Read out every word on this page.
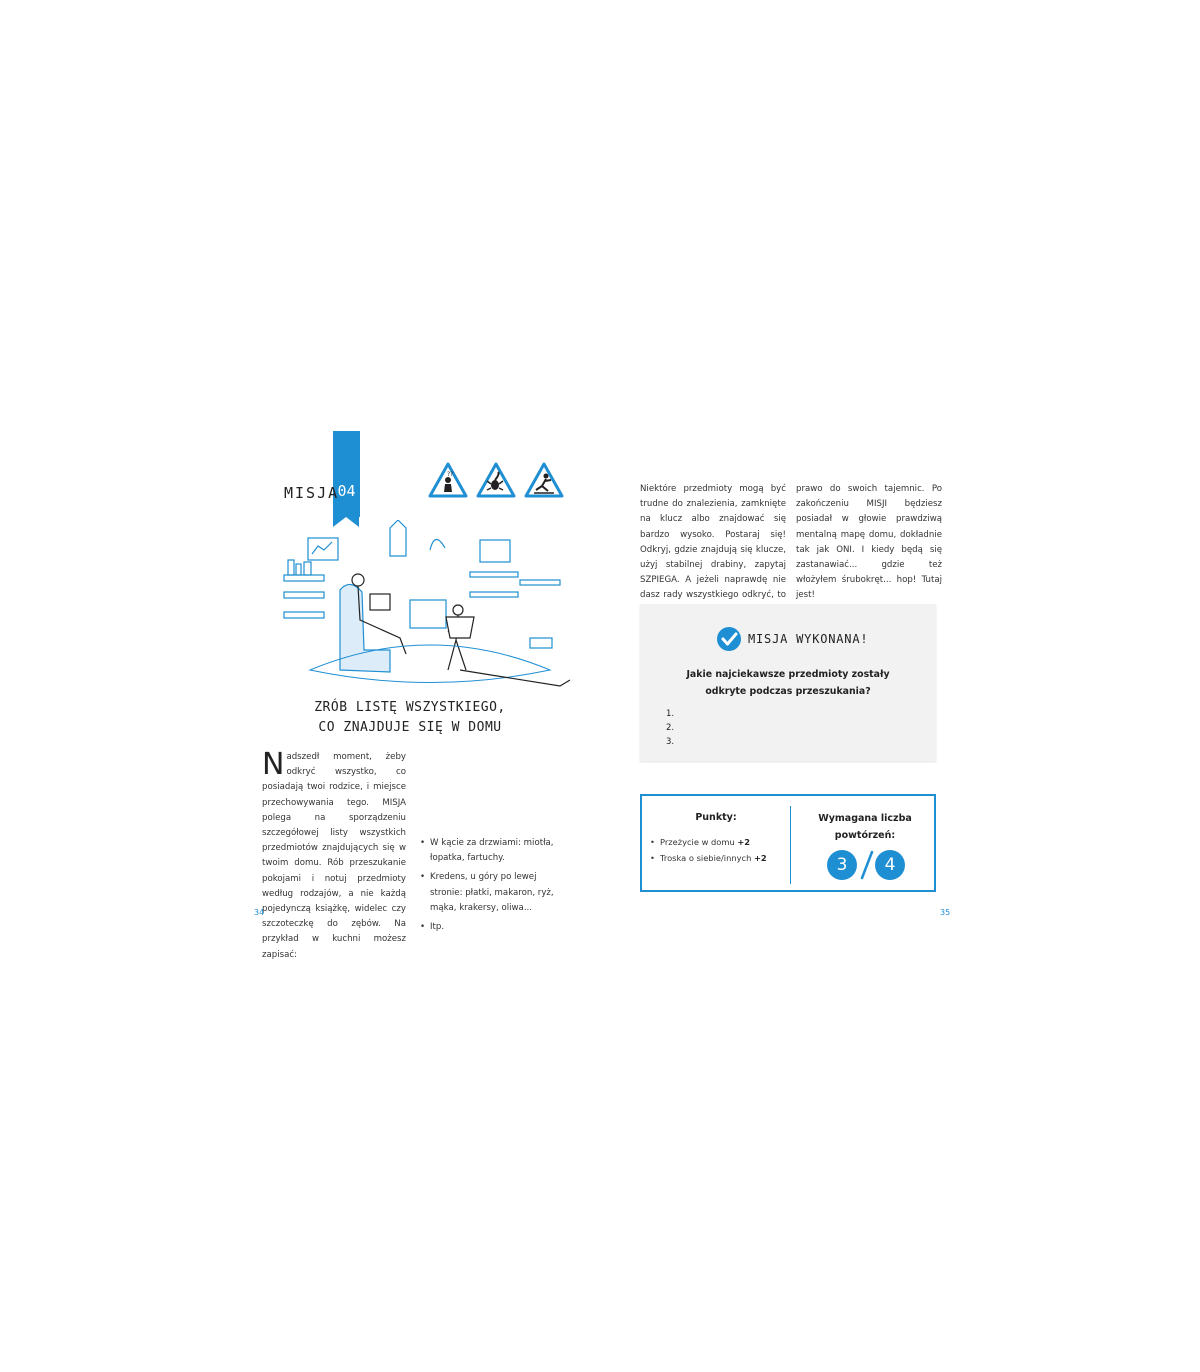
MISJA
04
??
ZRÓB LISTĘ WSZYSTKIEGO,
CO ZNAJDUJE SIĘ W DOMU
Nadszedł moment, żeby odkryć wszystko, co posiadają twoi rodzice, i miejsce przechowywania tego. MISJA polega na sporządzeniu szczegółowej listy wszystkich przedmiotów znajdujących się w twoim domu. Rób przeszukanie pokojami i notuj przedmioty według rodzajów, a nie każdą pojedynczą książkę, widelec czy szczoteczkę do zębów. Na przykład w kuchni możesz zapisać:
• W kącie za drzwiami: miotła, łopatka, fartuchy.
• Kredens, u góry po lewej stronie: płatki, makaron, ryż, mąka, krakersy, oliwa...
• Itp.
34
Niektóre przedmioty mogą być trudne do znalezienia, zamknięte na klucz albo znajdować się bardzo wysoko. Postaraj się! Odkryj, gdzie znajdują się klucze, użyj stabilnej drabiny, zapytaj SZPIEGA. A jeżeli naprawdę nie dasz rady wszystkiego odkryć, to prawo do swoich tajemnic. Po zakończeniu MISJI będziesz posiadał w głowie prawdziwą mentalną mapę domu, dokładnie tak jak ONI. I kiedy będą się zastanawiać... gdzie też włożyłem śrubokręt... hop! Tutaj jest!
MISJA WYKONANA!
Jakie najciekawsze przedmioty zostały odkryte podczas przeszukania?
1.
2.
3.
Punkty:
• Przeżycie w domu +2
• Troska o siebie/innych +2
Wymagana liczba powtórzeń:
3	4
35
